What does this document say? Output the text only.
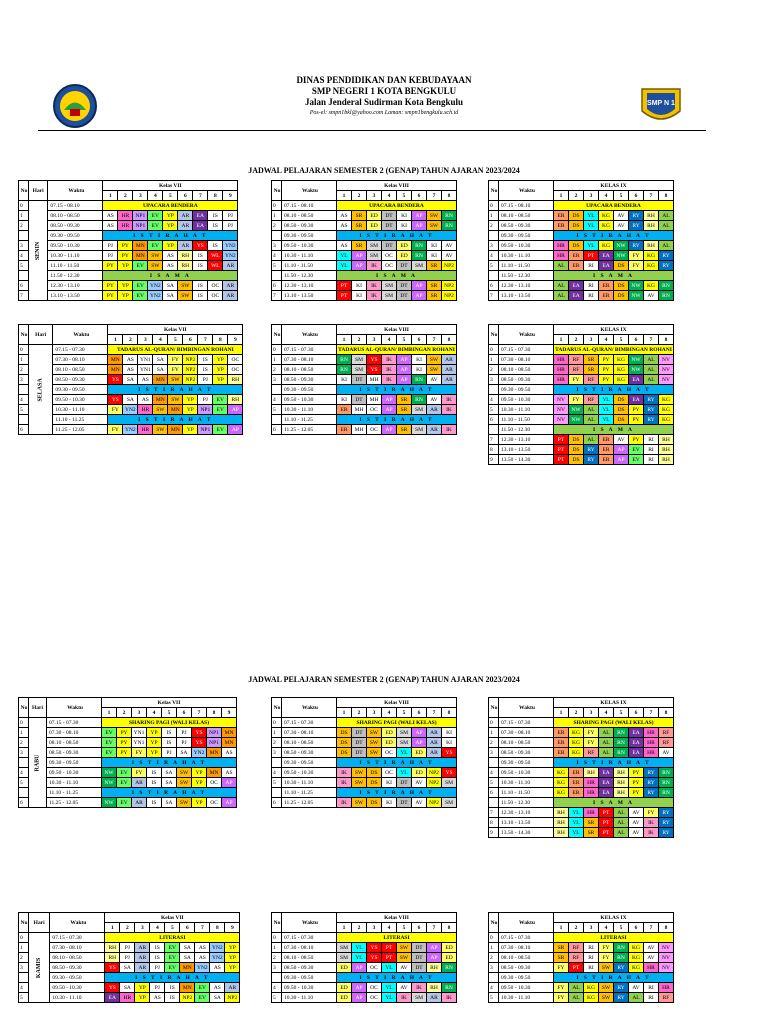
DINAS PENDIDIKAN DAN KEBUDAYAAN
SMP NEGERI 1 KOTA BENGKULU
Jalan Jenderal Sudirman Kota Bengkulu
Pos-el: smpn1bkl@yahoo.com Laman: smpn1bengkulu.sch.id
SMP N 1
JADWAL PELAJARAN SEMESTER 2 (GENAP) TAHUN AJARAN 2023/2024
JADWAL PELAJARAN SEMESTER 2 (GENAP) TAHUN AJARAN 2023/2024
No	Hari	Waktu	Kelas VII								
			1	2	3	4	5	6	7	8	9
0	SENIN	07.15 - 08.10	UPACARA BENDERA								
1		08.10 - 08.50	AS	HR	NP1	EV	YP	AR	EA	IS	PJ
2		08.50 - 09.30	AS	HR	NP1	EV	YP	AR	EA	IS	PJ
		09.30 - 09.50	I S T I R A H A T								
3		09.50 - 10.30	PJ	PY	MN	EV	YP	AR	YS	IS	YN2
4		10.30 - 11.10	PJ	PY	MN	SW	AS	RH	IS	WL	YN2
5		11.10 - 11.50	PY	YP	EV	SW	AS	RH	IS	WL	AR
		11.50 - 12.30	I S A M A								
6		12.30 - 13.10	PY	YP	EV	YN2	SA	SW	IS	OC	AR
7		13.10 - 13.50	PY	YP	EV	YN2	SA	SW	IS	OC	AR
No	Waktu	Kelas VIII							
		1	2	3	4	5	6	7	8
0	07.15 - 08.10	UPACARA BENDERA							
1	08.10 - 08.50	AS	SR	ED	DT	KI	AP	SW	RN
2	08.50 - 09.30	AS	SR	ED	DT	KI	AP	SW	RN
	09.30 - 09.50	I S T I R A H A T							
3	09.50 - 10.30	AS	SR	SM	DT	ED	RN	KI	AV
4	10.30 - 11.10	YL	AP	SM	OC	ED	RN	KI	AV
5	11.10 - 11.50	YL	AP	IK	OC	DT	SM	SR	NP2
	11.50 - 12.30	I S A M A							
6	12.30 - 13.10	PT	KI	IK	SM	DT	AP	SR	NP2
7	13.10 - 13.50	PT	KI	IK	SM	DT	AP	SR	NP2
No	Waktu	KELAS IX							
		1	2	3	4	5	6	7	8
0	07.15 - 08.10	UPACARA BENDERA							
1	08.10 - 08.50	ER	DS	YL	KG	AV	RY	RH	AL
2	08.50 - 09.30	ER	DS	YL	KG	AV	RY	RH	AL
	09.30 - 09.50	I S T I R A H A T							
3	09.50 - 10.30	HR	DS	YL	KG	NW	RY	RH	AL
4	10.30 - 11.10	HR	ER	PT	EA	NW	FY	KG	RY
5	11.10 - 11.50	AL	ER	RI	EA	DS	FY	KG	RY
	11.50 - 12.30	I S A M A							
6	12.30 - 13.10	AL	EA	RI	ER	DS	NW	KG	RN
7	13.10 - 13.50	AL	EA	RI	ER	DS	NW	AV	RN
No	Hari	Waktu	Kelas VII								
			1	2	3	4	5	6	7	8	9
0	SELASA	07.15 - 07.30	TADARUS AL-QURAN/ BIMBINGAN ROHANI								
1		07.30 - 08.10	MN	AS	YN1	SA	FY	NP2	IS	YP	OC
2		08.10 - 08.50	MN	AS	YN1	SA	FY	NP2	IS	YP	OC
3		08.50 - 09.30	YS	SA	AS	MN	SW	NP2	PJ	YP	RH
		09.30 - 09.50	I S T I R A H A T								
4		09.50 - 10.30	YS	SA	AS	MN	SW	YP	PJ	EV	RH
5		10.30 - 11.10	FY	YN2	HR	SW	MN	YP	NP1	EV	AP
		11.10 - 11.25	I S T I R A H A T								
6		11.25 - 12.05	FY	YN2	HR	SW	MN	YP	NP1	EV	AP
No	Waktu	Kelas VIII							
		1	2	3	4	5	6	7	8
0	07.15 - 07.30	TADARUS AL-QURAN/ BIMBINGAN ROHANI							
1	07.30 - 08.10	RN	SM	YS	IK	AP	KI	SW	AR
2	08.10 - 08.50	RN	SM	YS	IK	AP	KI	SW	AR
3	08.50 - 09.30	KI	DT	MH	IK	AP	RN	AV	AR
	09.30 - 09.50	I S T I R A H A T							
4	09.50 - 10.30	KI	DT	MH	AP	SR	RN	AV	IK
5	10.30 - 11.10	ER	MH	OC	AP	SR	SM	AR	IK
	11.10 - 11.25	I S T I R A H A T							
6	11.25 - 12.05	ER	MH	OC	AP	SR	SM	AR	IK
No	Waktu	KELAS IX							
		1	2	3	4	5	6	7	8
0	07.15 - 07.30	TADARUS AL-QURAN/ BIMBINGAN ROHANI							
1	07.30 - 08.10	HR	RF	SR	PY	KG	NW	AL	NV
2	08.10 - 08.50	HR	RF	SR	PY	KG	NW	AL	NV
3	08.50 - 09.30	HR	FY	RF	PY	KG	EA	AL	NV
	09.30 - 09.50	I S T I R A H A T							
4	09.50 - 10.30	NV	FY	RF	YL	DS	EA	RY	KG
5	10.30 - 11.10	NV	NW	AL	YL	DS	PY	RY	KG
6	11.10 - 11.50	NV	NW	AL	YL	DS	PY	RY	KG
	11.50 - 12.30	I S A M A							
7	12.30 - 13.10	PT	DS	AL	ER	AV	PY	RI	RH
8	13.10 - 13.50	PT	DS	RY	ER	AP	EV	RI	RH
9	13.50 - 14.30	PT	DS	RY	ER	AP	EV	RI	RH
No	Hari	Waktu	Kelas VII								
			1	2	3	4	5	6	7	8	9
0	RABU	07.15 - 07.30	SHARING PAGI (WALI KELAS)								
1		07.30 - 08.10	EV	PY	YN1	YP	IS	PJ	YS	NP1	MN
2		08.10 - 08.50	EV	PY	YN1	YP	IS	PJ	YS	NP1	MN
3		08.50 - 09.30	EV	PY	FY	YP	PJ	SA	YN2	MN	AS
		09.30 - 09.50	I S T I R A H A T								
4		09.50 - 10.30	NW	EV	FY	IS	SA	SW	YP	MN	AS
5		10.30 - 11.10	NW	EV	AR	IS	SA	SW	YP	OC	AP
		11.10 - 11.25	I S T I R A H A T								
6		11.25 - 12.05	NW	EV	AR	IS	SA	SW	YP	OC	AP
No	Waktu	Kelas VIII							
		1	2	3	4	5	6	7	8
0	07.15 - 07.30	SHARING PAGI (WALI KELAS)							
1	07.30 - 08.10	DS	DT	SW	ED	SM	AP	AR	KI
2	08.10 - 08.50	DS	DT	SW	ED	SM	AP	AR	KI
3	08.50 - 09.30	DS	DT	SW	OC	YL	ED	AR	YS
	09.30 - 09.50	I S T I R A H A T							
4	09.50 - 10.30	IK	SW	DS	OC	YL	ED	NP2	YS
5	10.30 - 11.10	IK	SW	DS	KI	DT	AV	NP2	SM
	11.10 - 11.25	I S T I R A H A T							
6	11.25 - 12.05	IK	SW	DS	KI	DT	AV	NP2	SM
No	Waktu	KELAS IX							
		1	2	3	4	5	6	7	8
0	07.15 - 07.30	SHARING PAGI (WALI KELAS)							
1	07.30 - 08.10	ER	KG	FY	AL	RN	EA	HR	RF
2	08.10 - 08.50	ER	KG	FY	AL	RN	EA	HR	RF
3	08.50 - 09.30	ER	KG	RF	AL	RN	EA	HR	AV
	09.30 - 09.50	I S T I R A H A T							
4	09.50 - 10.30	KG	ER	RH	EA	RH	PY	RY	RN
5	10.30 - 11.10	KG	ER	HR	EA	RH	PY	RY	RN
6	11.10 - 11.50	KG	ER	HR	EA	RH	PY	RY	RN
	11.50 - 12.30	I S A M A							
7	12.30 - 13.10	RH	YL	HR	PT	AL	AV	FY	RY
8	13.10 - 13.50	RH	YL	SR	PT	AL	AV	IK	RY
9	13.50 - 14.30	RH	YL	SR	PT	AL	AV	IK	RY
No	Hari	Waktu	Kelas VII								
			1	2	3	4	5	6	7	8	9
0	KAMIS	07.15 - 07.30	LITERASI								
1		07.30 - 08.10	RH	PJ	AR	IS	EV	SA	AS	YN2	YP
2		08.10 - 08.50	RH	PJ	AR	IS	EV	SA	AS	YN2	YP
3		08.50 - 09.30	YS	SA	AR	PJ	EV	MN	YN2	AS	YP
		09.30 - 09.50	I S T I R A H A T								
4		09.50 - 10.30	YS	SA	YP	PJ	IS	MN	EV	AS	AR
5		10.30 - 11.10	EA	HR	YP	AS	IS	NP2	EV	SA	NP2
No	Waktu	Kelas VIII							
		1	2	3	4	5	6	7	8
0	07.15 - 07.30	LITERASI							
1	07.30 - 08.10	SM	YL	YS	PT	SW	DT	AP	ED
2	08.10 - 08.50	SM	YL	YS	PT	SW	DT	AP	ED
3	08.50 - 09.30	ED	AP	OC	YL	AV	DT	RH	RN
	09.30 - 09.50	I S T I R A H A T							
4	09.50 - 10.30	ED	AP	OC	YL	AV	IK	RH	RN
5	10.30 - 11.10	ED	AP	OC	YL	IK	SM	AR	IK
No	Waktu	KELAS IX							
		1	2	3	4	5	6	7	8
0	07.15 - 07.30	LITERASI							
1	07.30 - 08.10	SR	RF	RI	FY	RN	KG	AV	NV
2	08.10 - 08.50	SR	RF	RI	FY	RN	KG	AV	NV
3	08.50 - 09.30	FY	PT	RI	SW	RY	KG	HR	NV
	09.30 - 09.50	I S T I R A H A T							
4	09.50 - 10.30	FY	AL	KG	SW	RY	AV	RI	HR
5	10.30 - 11.10	FY	AL	KG	SW	RY	AL	RI	RF
